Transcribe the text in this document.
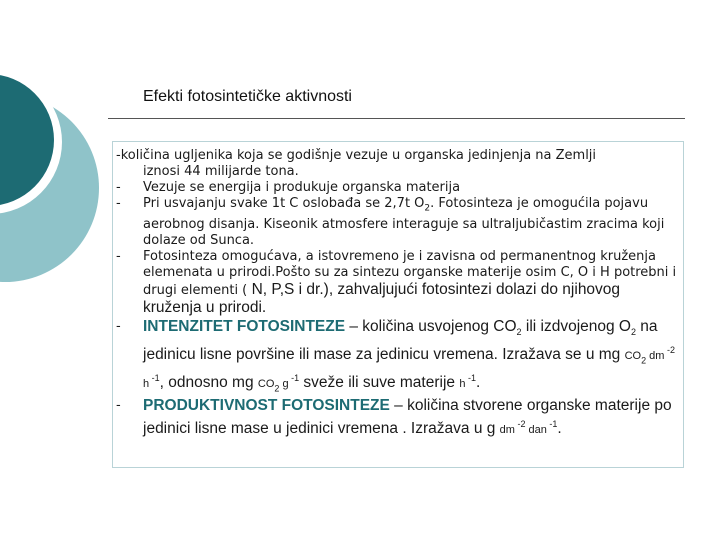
Efekti fotosintetičke aktivnosti
-količina ugljenika koja se godišnje vezuje u organska jedinjenja na Zemlji
iznosi 44 milijarde tona.
-	Vezuje se energija i produkuje organska materija
-	Pri usvajanju svake 1t C oslobađa se 2,7t $O_2$. Fotosinteza je omogućila pojavu aerobnog disanja. Kiseonik atmosfere interaguje sa ultraljubičastim zracima koji dolaze od Sunca.
-	Fotosinteza omogućava, a istovremeno je i zavisna od permanentnog kruženja elemenata u prirodi.Pošto su za sintezu organske materije osim C, O i H potrebni i drugi elementi ( N, P,S i dr.), zahvaljujući fotosintezi dolazi do njihovog kruženja u prirodi.
-	INTENZITET FOTOSINTEZE – količina usvojenog $CO_2$ ili izdvojenog $O_2$ na jedinicu lisne površine ili mase za jedinicu vremena. Izražava se u mg $CO_2$ dm $^{-2}$ h $^{-1}$, odnosno mg $CO_2$ g $^{-1}$ sveže ili suve materije h $^{-1}$.
-	PRODUKTIVNOST FOTOSINTEZE – količina stvorene organske materije po jedinici lisne mase u jedinici vremena . Izražava u g dm $^{-2}$ dan $^{-1}$.
